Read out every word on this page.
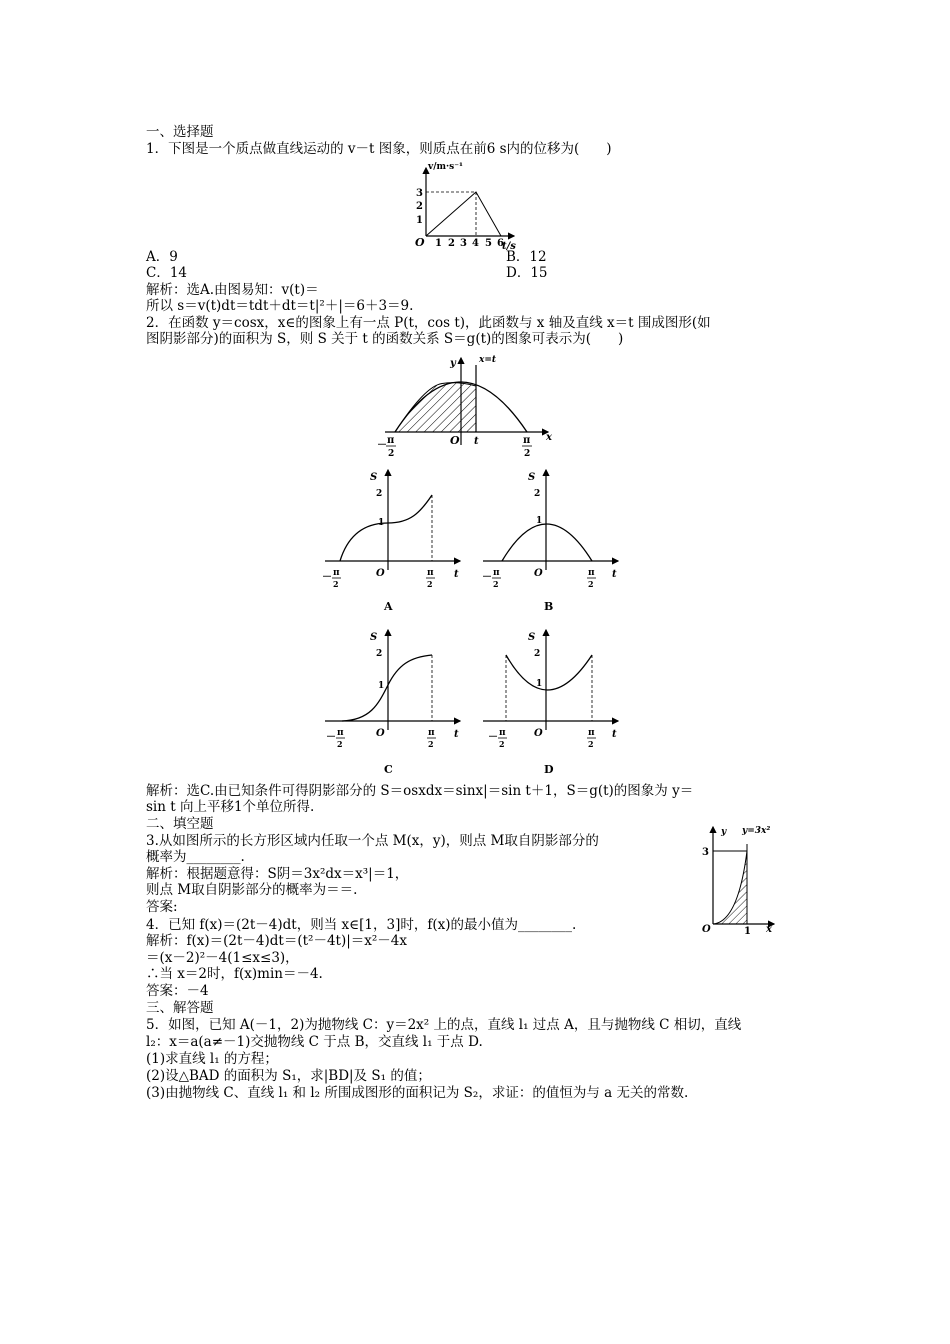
一、选择题
1．下图是一个质点做直线运动的 v－t 图象，则质点在前6 s内的位移为(　　)
v/m·s⁻¹
t/s
O 1 2 3 4 5 6
1
2
3
A．9	B．12
C．14	D．15
解析：选A.由图易知：v(t)＝
所以 s＝v(t)dt＝tdt＋dt＝t|²＋|＝6＋3＝9.
2．在函数 y＝cosx，x∈的图象上有一点 P(t，cos t)，此函数与 x 轴及直线 x＝t 围成图形(如
图阴影部分)的面积为 S，则 S 关于 t 的函数关系 S＝g(t)的图象可表示为(　　)
y	x=t
O t	x
－ π
2
π
2
S
2
1
O	t
－ π
2
π
2
A
S
2
1
O	t
－ π
2
π
2
B
S
2
1
O	t
－ π
2
π
2
C
S
2
1
O	t
－ π
2
π
2
D
解析：选C.由已知条件可得阴影部分的 S＝osxdx＝sinx|＝sin t＋1，S＝g(t)的图象为 y＝
sin t 向上平移1个单位所得.
二、填空题
3.从如图所示的长方形区域内任取一个点 M(x，y)，则点 M取自阴影部分的
概率为________.
解析：根据题意得：S阴＝3x²dx＝x³|＝1，
则点 M取自阴影部分的概率为＝＝.
答案:
y y=3x²
3
O	1 x
4．已知 f(x)＝(2t－4)dt，则当 x∈[1，3]时，f(x)的最小值为________.
解析：f(x)＝(2t－4)dt＝(t²－4t)|＝x²－4x
＝(x－2)²－4(1≤x≤3)，
∴当 x＝2时，f(x)min＝－4.
答案：－4
三、解答题
5．如图，已知 A(－1，2)为抛物线 C：y＝2x² 上的点，直线 l₁ 过点 A，且与抛物线 C 相切，直线
l₂：x＝a(a≠－1)交抛物线 C 于点 B，交直线 l₁ 于点 D.
(1)求直线 l₁ 的方程；
(2)设△BAD 的面积为 S₁，求|BD|及 S₁ 的值；
(3)由抛物线 C、直线 l₁ 和 l₂ 所围成图形的面积记为 S₂，求证：的值恒为与 a 无关的常数.
